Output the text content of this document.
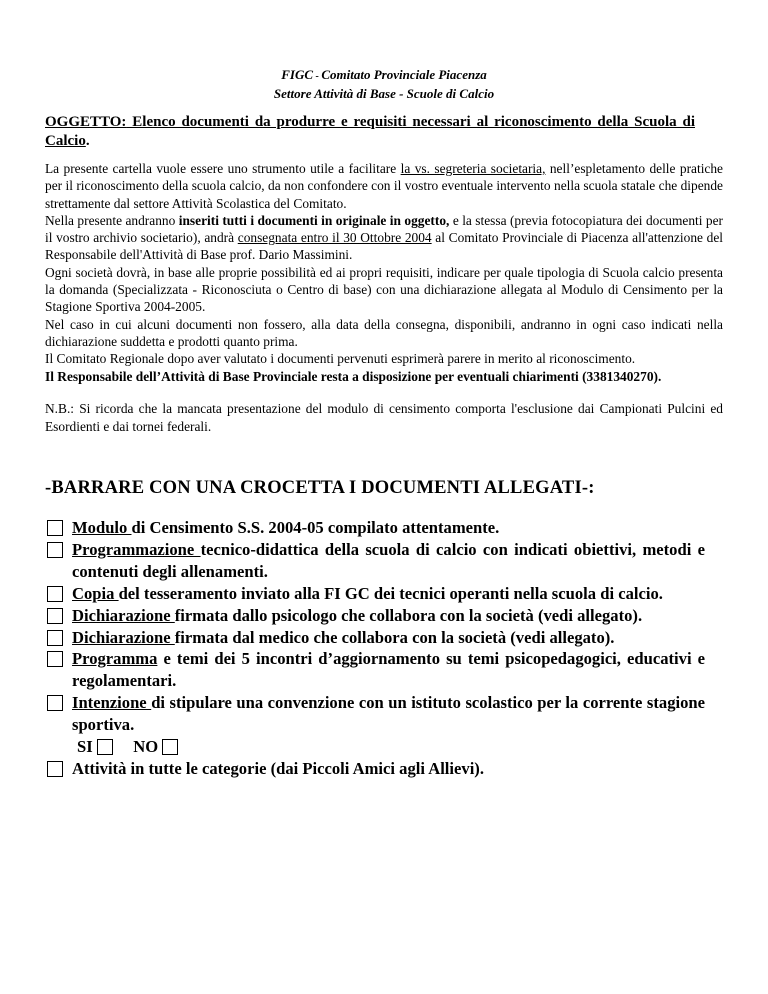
FIGC - Comitato Provinciale Piacenza
Settore Attività di Base - Scuole di Calcio
OGGETTO: Elenco documenti da produrre e requisiti necessari al riconoscimento della Scuola di Calcio.

La presente cartella vuole essere uno strumento utile a facilitare la vs. segreteria societaria, nell’espletamento delle pratiche per il riconoscimento della scuola calcio, da non confondere con il vostro eventuale intervento nella scuola statale che dipende strettamente dal settore Attività Scolastica del Comitato.

Nella presente andranno inseriti tutti i documenti in originale in oggetto, e la stessa (previa fotocopiatura dei documenti per il vostro archivio societario), andrà consegnata entro il 30 Ottobre 2004 al Comitato Provinciale di Piacenza all'attenzione del Responsabile dell'Attività di Base prof. Dario Massimini.

Ogni società dovrà, in base alle proprie possibilità ed ai propri requisiti, indicare per quale tipologia di Scuola calcio presenta la domanda (Specializzata - Riconosciuta o Centro di base) con una dichiarazione allegata al Modulo di Censimento per la Stagione Sportiva 2004-2005.

Nel caso in cui alcuni documenti non fossero, alla data della consegna, disponibili, andranno in ogni caso indicati nella dichiarazione suddetta e prodotti quanto prima.

Il Comitato Regionale dopo aver valutato i documenti pervenuti esprimerà parere in merito al riconoscimento.

Il Responsabile dell’Attività di Base Provinciale resta a disposizione per eventuali chiarimenti (3381340270).

N.B.: Si ricorda che la mancata presentazione del modulo di censimento comporta l'esclusione dai Campionati Pulcini ed Esordienti e dai tornei federali.
-BARRARE CON UNA CROCETTA I DOCUMENTI ALLEGATI-:
Modulo di Censimento S.S. 2004-05 compilato attentamente.
Programmazione tecnico-didattica della scuola di calcio con indicati obiettivi, metodi e contenuti degli allenamenti.
Copia del tesseramento inviato alla FI GC dei tecnici operanti nella scuola di calcio.
Dichiarazione firmata dallo psicologo che collabora con la società (vedi allegato).
Dichiarazione firmata dal medico che collabora con la società (vedi allegato).
Programma e temi dei 5 incontri d’aggiornamento su temi psicopedagogici, educativi e regolamentari.
Intenzione di stipulare una convenzione con un istituto scolastico per la corrente stagione sportiva.
SI NO
Attività in tutte le categorie (dai Piccoli Amici agli Allievi).
